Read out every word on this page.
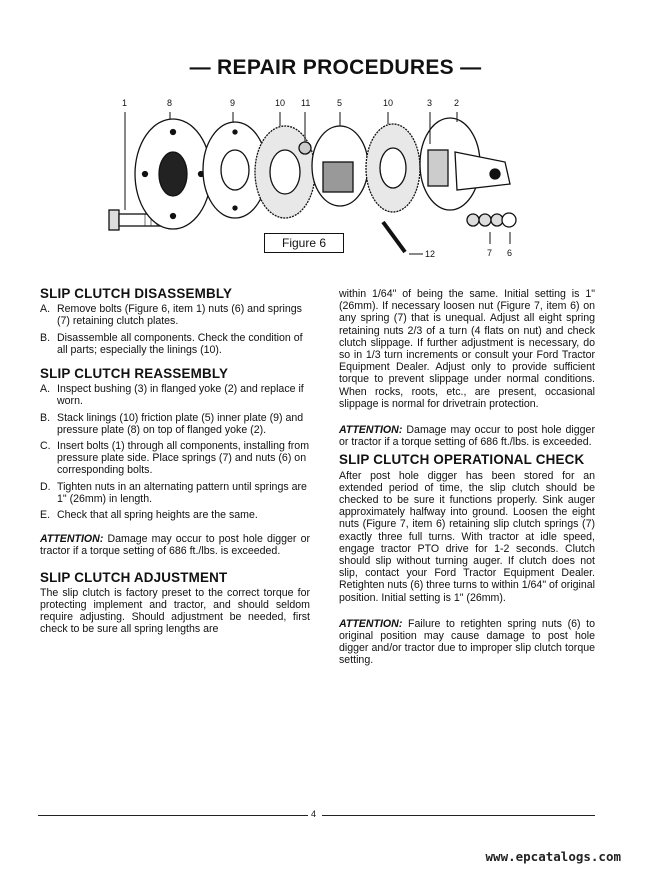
— REPAIR PROCEDURES —
1	8	9	10 11	5	10	3 2
12	7 6
Figure 6
SLIP CLUTCH DISASSEMBLY
A. Remove bolts (Figure 6, item 1) nuts (6) and springs (7) retaining clutch plates.
B. Disassemble all components. Check the condition of all parts; especially the linings (10).
SLIP CLUTCH REASSEMBLY
A. Inspect bushing (3) in flanged yoke (2) and replace if worn.
B. Stack linings (10) friction plate (5) inner plate (9) and pressure plate (8) on top of flanged yoke (2).
C. Insert bolts (1) through all components, installing from pressure plate side. Place springs (7) and nuts (6) on corresponding bolts.
D. Tighten nuts in an alternating pattern until springs are 1" (26mm) in length.
E. Check that all spring heights are the same.

ATTENTION: Damage may occur to post hole digger or tractor if a torque setting of 686 ft./lbs. is exceeded.

SLIP CLUTCH ADJUSTMENT

The slip clutch is factory preset to the correct torque for protecting implement and tractor, and should seldom require adjusting. Should adjustment be needed, first check to be sure all spring lengths are

within 1/64" of being the same. Initial setting is 1" (26mm). If necessary loosen nut (Figure 7, item 6) on any spring (7) that is unequal. Adjust all eight spring retaining nuts 2/3 of a turn (4 flats on nut) and check clutch slippage. If further adjustment is necessary, do so in 1/3 turn increments or consult your Ford Tractor Equipment Dealer. Adjust only to provide sufficient torque to prevent slippage under normal conditions. When rocks, roots, etc., are present, occasional slippage is normal for drivetrain protection.

ATTENTION: Damage may occur to post hole digger or tractor if a torque setting of 686 ft./lbs. is exceeded.

SLIP CLUTCH OPERATIONAL CHECK

After post hole digger has been stored for an extended period of time, the slip clutch should be checked to be sure it functions properly. Sink auger approximately halfway into ground. Loosen the eight nuts (Figure 7, item 6) retaining slip clutch springs (7) exactly three full turns. With tractor at idle speed, engage tractor PTO drive for 1-2 seconds. Clutch should slip without turning auger. If clutch does not slip, contact your Ford Tractor Equipment Dealer. Retighten nuts (6) three turns to within 1/64" of original position. Initial setting is 1" (26mm).

ATTENTION: Failure to retighten spring nuts (6) to original position may cause damage to post hole digger and/or tractor due to improper slip clutch torque setting.

4
www.epcatalogs.com
